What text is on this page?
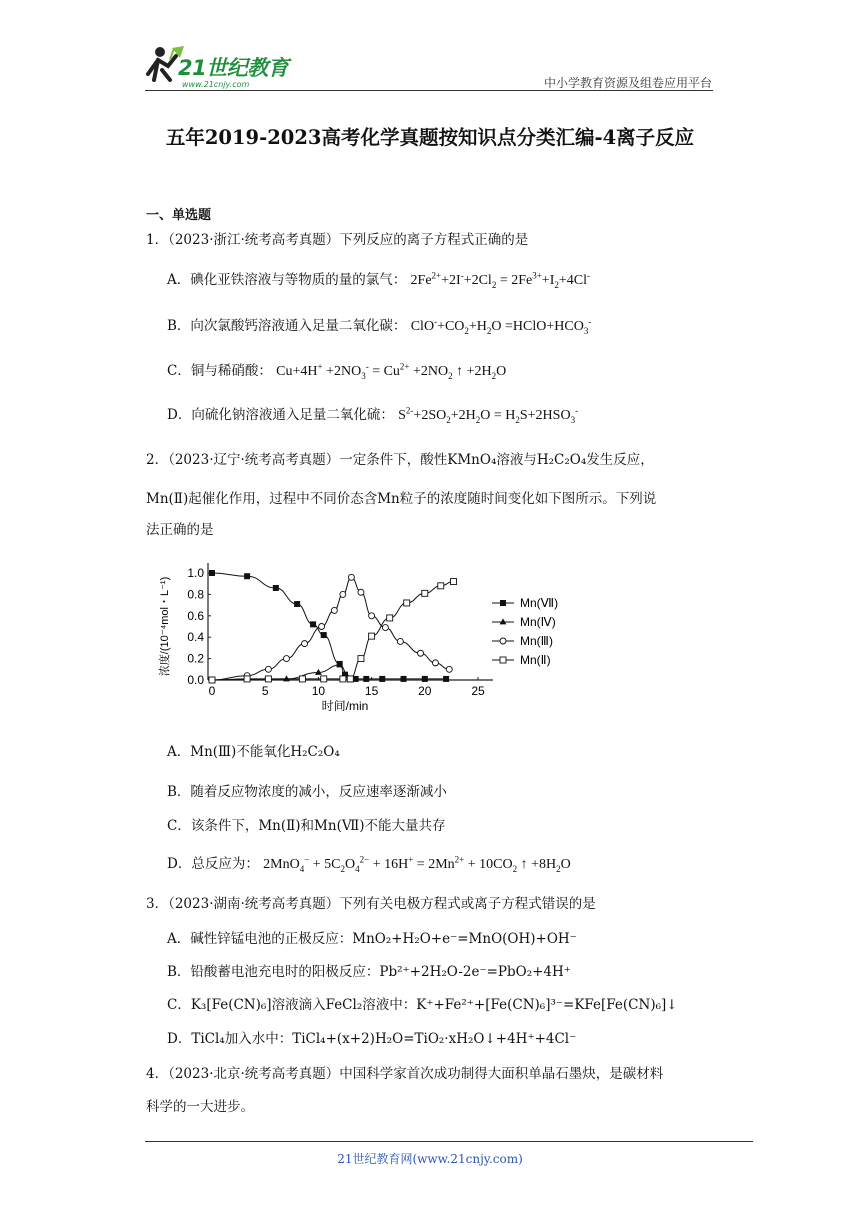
21世纪教育
www.21cnjy.com	中小学教育资源及组卷应用平台
五年2019-2023高考化学真题按知识点分类汇编-4离子反应
一、单选题
1．（2023·浙江·统考高考真题）下列反应的离子方程式正确的是
A．碘化亚铁溶液与等物质的量的氯气： $2Fe^{2+}+2I^-+2Cl_2 = 2Fe^{3+}+I_2+4Cl^-$
B．向次氯酸钙溶液通入足量二氧化碳： $ClO^-+CO_2+H_2O$ $=HClO+HCO_3^-$
C．铜与稀硝酸： $Cu+4H^+ +2NO_3^- = Cu^{2+} +2NO_2$ ↑ $+2H_2O$
D．向硫化钠溶液通入足量二氧化硫： $S^{2-}+2SO_2+2H_2O = H_2S+2HSO_3^-$
2．（2023·辽宁·统考高考真题）一定条件下，酸性KMnO₄溶液与H₂C₂O₄发生反应，
Mn(Ⅱ)起催化作用，过程中不同价态含Mn粒子的浓度随时间变化如下图所示。下列说
法正确的是
0	5	10	15	20	25
0.0
0.2
0.4
0.6
0.8
1.0
时间/min
浓度/(10⁻⁴mol・L⁻¹)	Mn(Ⅶ)
Mn(Ⅳ)
Mn(Ⅲ)
Mn(Ⅱ)
A．Mn(Ⅲ)不能氧化H₂C₂O₄
B．随着反应物浓度的减小，反应速率逐渐减小
C．该条件下，Mn(Ⅱ)和Mn(Ⅶ)不能大量共存
D．总反应为： $2MnO_4^- + 5C_2O_4^{2-} + 16H^+ = 2Mn^{2+} + 10CO_2$ ↑ $+8H_2O$
3．（2023·湖南·统考高考真题）下列有关电极方程式或离子方程式错误的是
A．碱性锌锰电池的正极反应：MnO₂+H₂O+e⁻=MnO(OH)+OH⁻
B．铅酸蓄电池充电时的阳极反应：Pb²⁺+2H₂O-2e⁻=PbO₂+4H⁺
C．K₃[Fe(CN)₆]溶液滴入FeCl₂溶液中：K⁺+Fe²⁺+[Fe(CN)₆]³⁻=KFe[Fe(CN)₆]↓
D．TiCl₄加入水中：TiCl₄+(x+2)H₂O=TiO₂·xH₂O↓+4H⁺+4Cl⁻
4．（2023·北京·统考高考真题）中国科学家首次成功制得大面积单晶石墨炔，是碳材料
科学的一大进步。
21世纪教育网(www.21cnjy.com)
